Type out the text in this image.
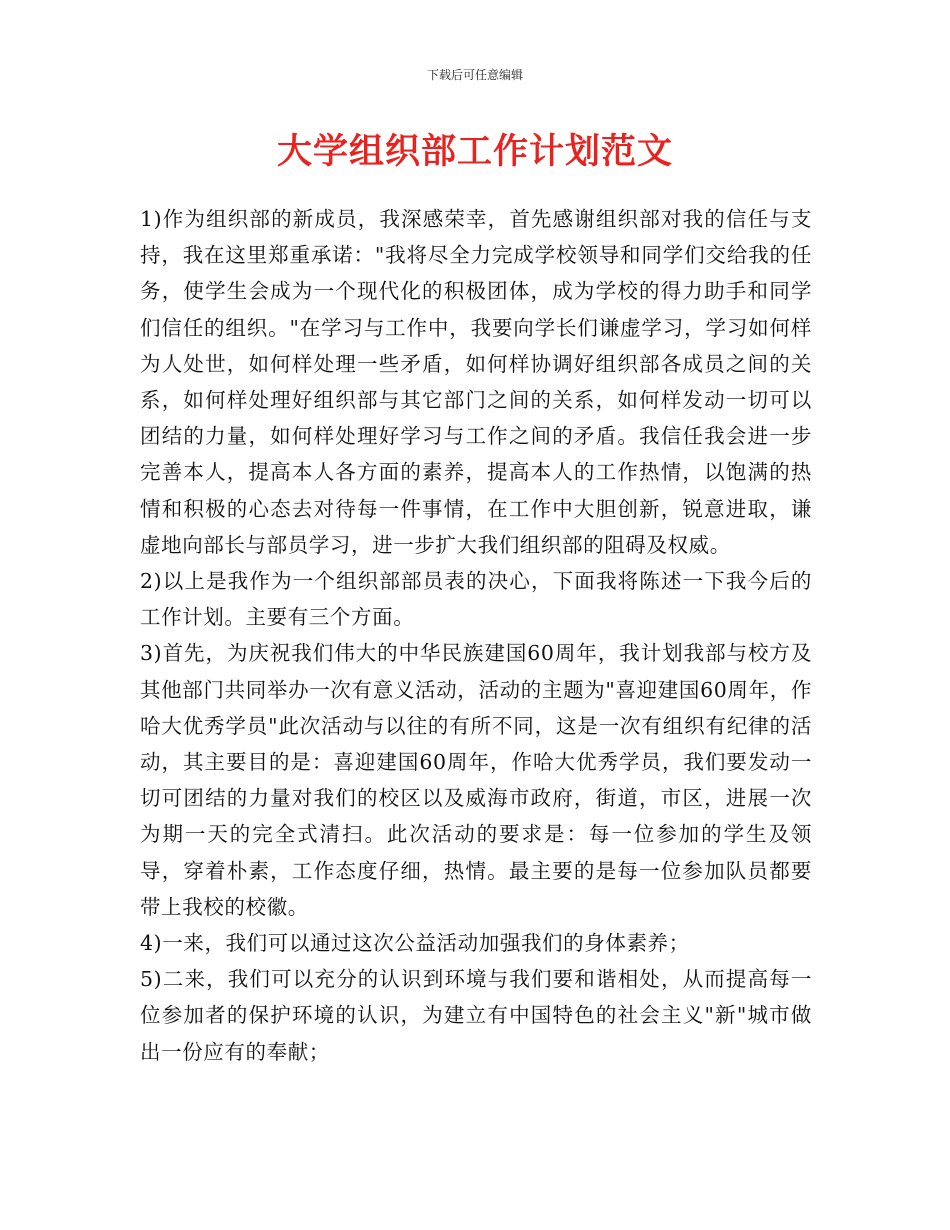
下载后可任意编辑
大学组织部工作计划范文

1)作为组织部的新成员，我深感荣幸，首先感谢组织部对我的信任与支持，我在这里郑重承诺："我将尽全力完成学校领导和同学们交给我的任务，使学生会成为一个现代化的积极团体，成为学校的得力助手和同学们信任的组织。"在学习与工作中，我要向学长们谦虚学习，学习如何样为人处世，如何样处理一些矛盾，如何样协调好组织部各成员之间的关系，如何样处理好组织部与其它部门之间的关系，如何样发动一切可以团结的力量，如何样处理好学习与工作之间的矛盾。我信任我会进一步完善本人，提高本人各方面的素养，提高本人的工作热情，以饱满的热情和积极的心态去对待每一件事情，在工作中大胆创新，锐意进取，谦虚地向部长与部员学习，进一步扩大我们组织部的阻碍及权威。

2)以上是我作为一个组织部部员表的决心，下面我将陈述一下我今后的工作计划。主要有三个方面。

3)首先，为庆祝我们伟大的中华民族建国60周年，我计划我部与校方及其他部门共同举办一次有意义活动，活动的主题为"喜迎建国60周年，作哈大优秀学员"此次活动与以往的有所不同，这是一次有组织有纪律的活动，其主要目的是：喜迎建国60周年，作哈大优秀学员，我们要发动一切可团结的力量对我们的校区以及威海市政府，街道，市区，进展一次为期一天的完全式清扫。此次活动的要求是：每一位参加的学生及领导，穿着朴素，工作态度仔细，热情。最主要的是每一位参加队员都要带上我校的校徽。

4)一来，我们可以通过这次公益活动加强我们的身体素养；

5)二来，我们可以充分的认识到环境与我们要和谐相处，从而提高每一位参加者的保护环境的认识，为建立有中国特色的社会主义"新"城市做出一份应有的奉献；
